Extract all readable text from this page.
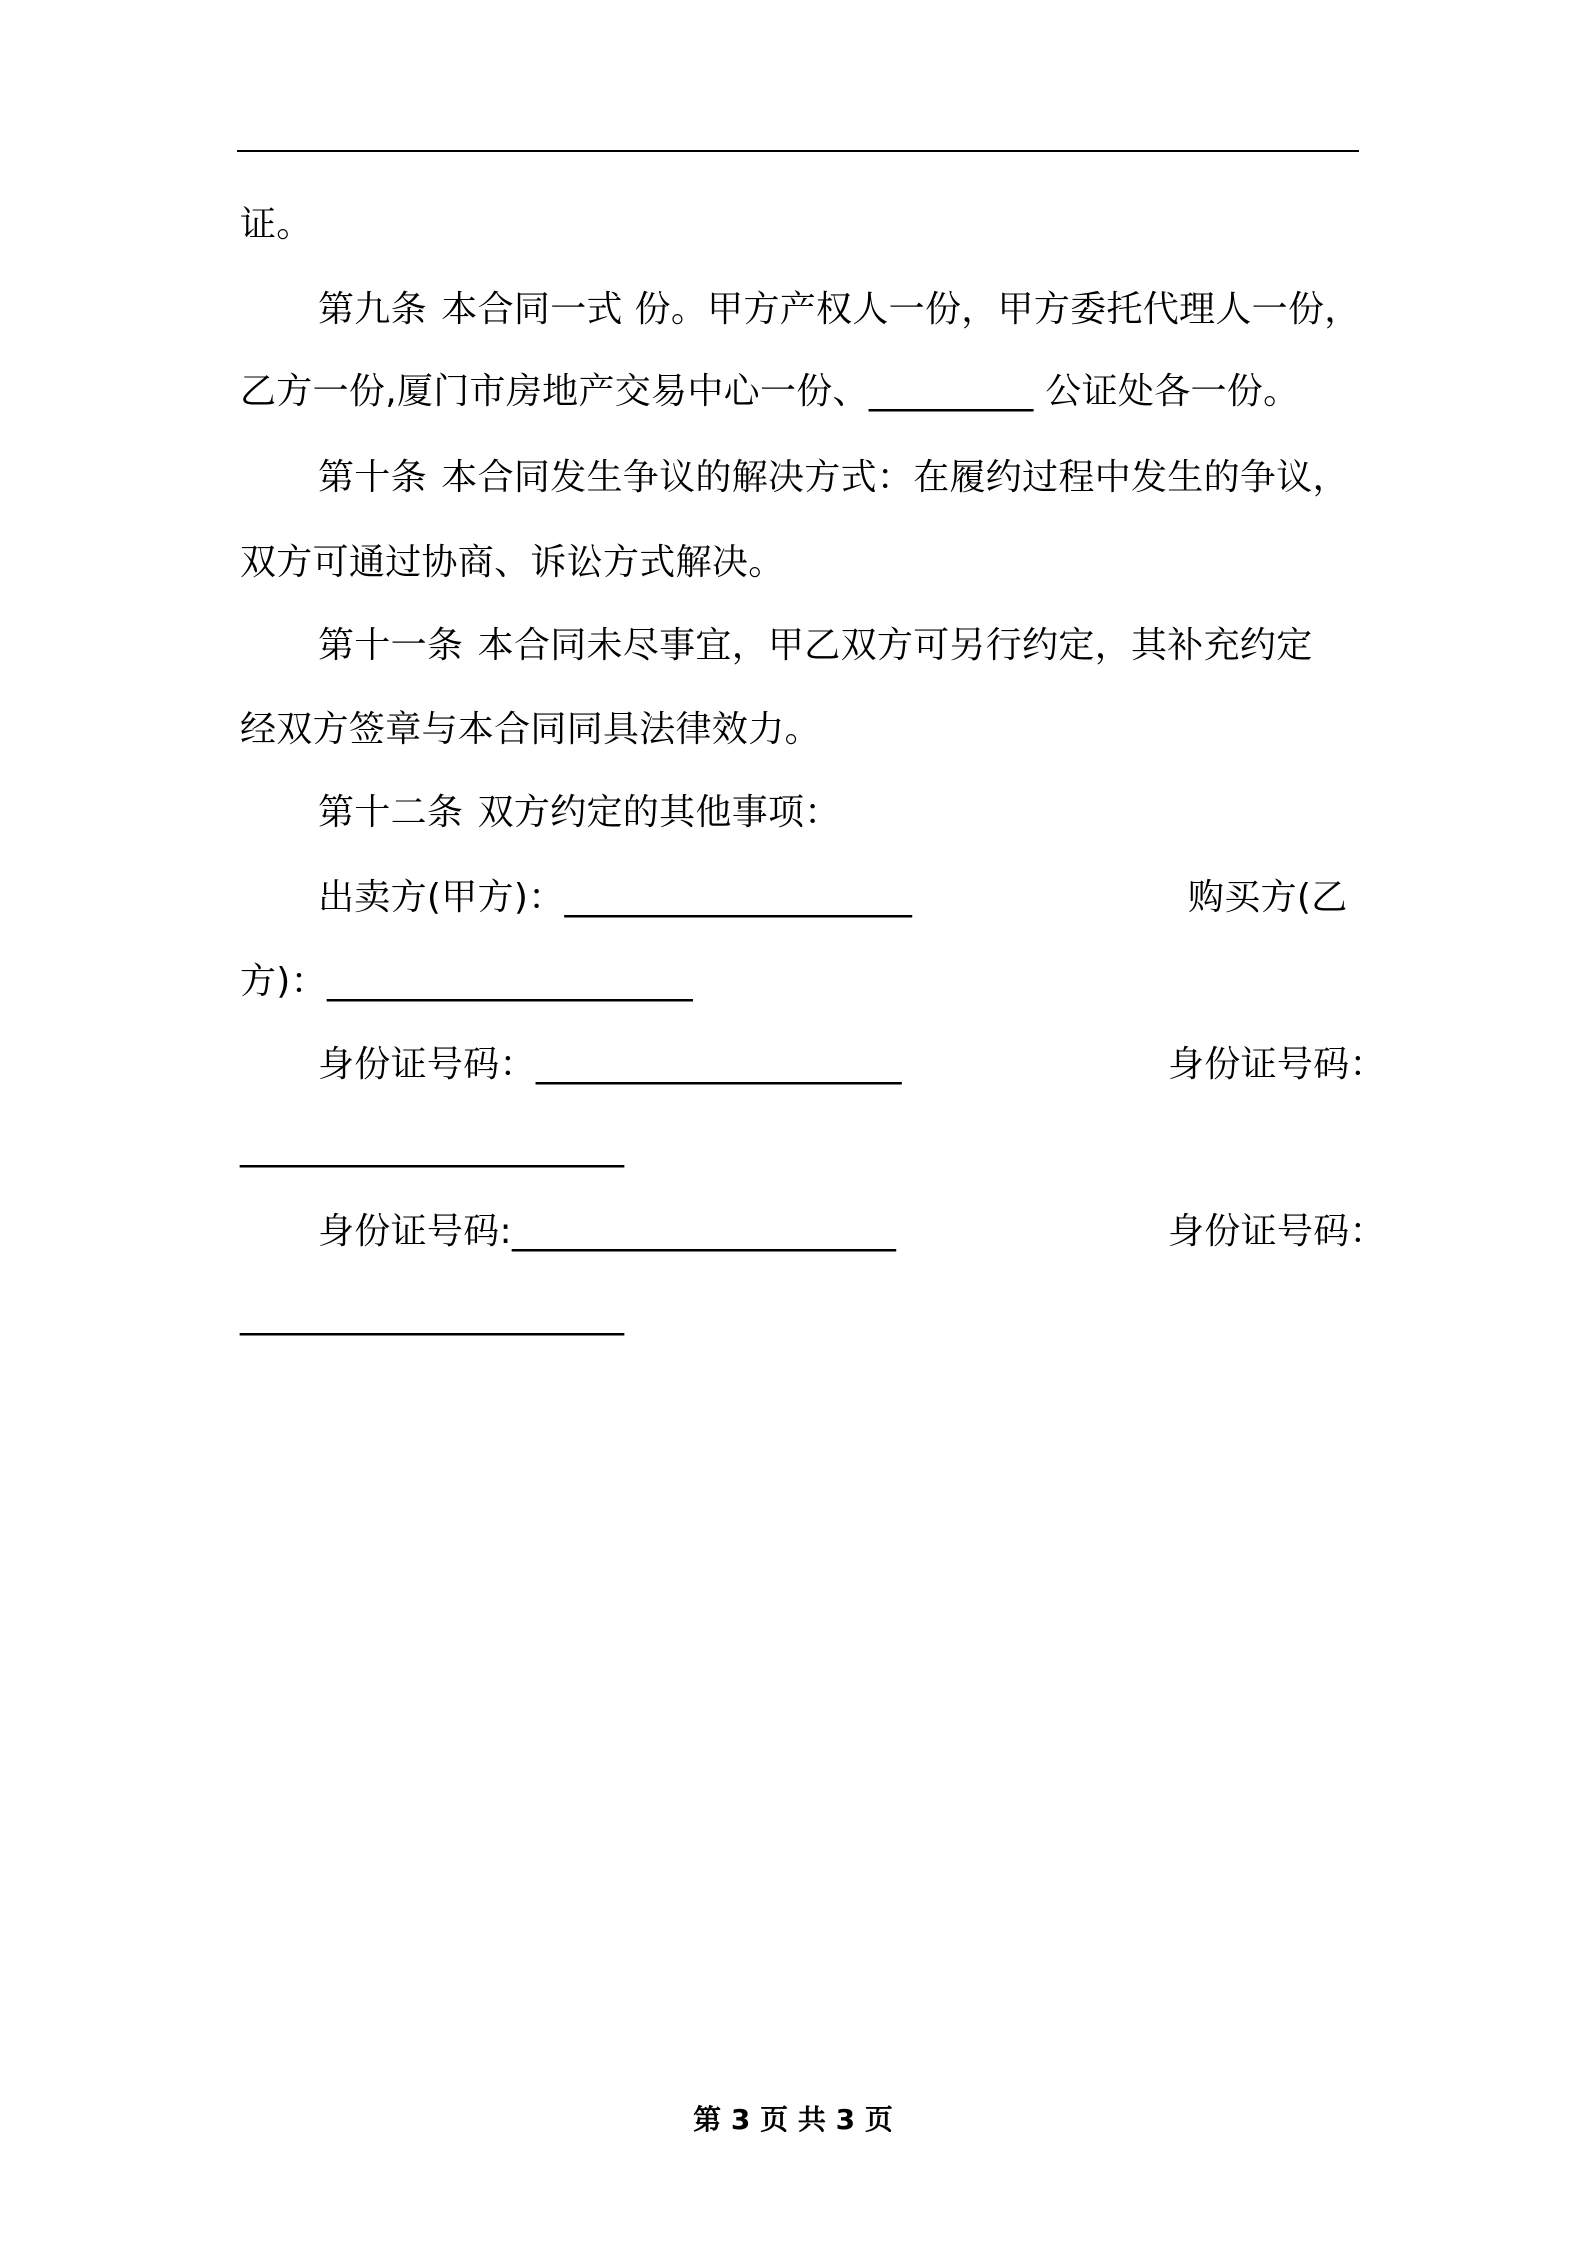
证。
第九条 本合同一式 份。甲方产权人一份，甲方委托代理人一份，
乙方一份,厦门市房地产交易中心一份、_________ 公证处各一份。
第十条 本合同发生争议的解决方式：在履约过程中发生的争议，
双方可通过协商、诉讼方式解决。
第十一条 本合同未尽事宜，甲乙双方可另行约定，其补充约定
经双方签章与本合同同具法律效力。
第十二条 双方约定的其他事项：
出卖方(甲方)：___________________	购买方(乙
方)：____________________
身份证号码：____________________	身份证号码：
_____________________
身份证号码:_____________________	身份证号码：
_____________________
第 3 页 共 3 页
